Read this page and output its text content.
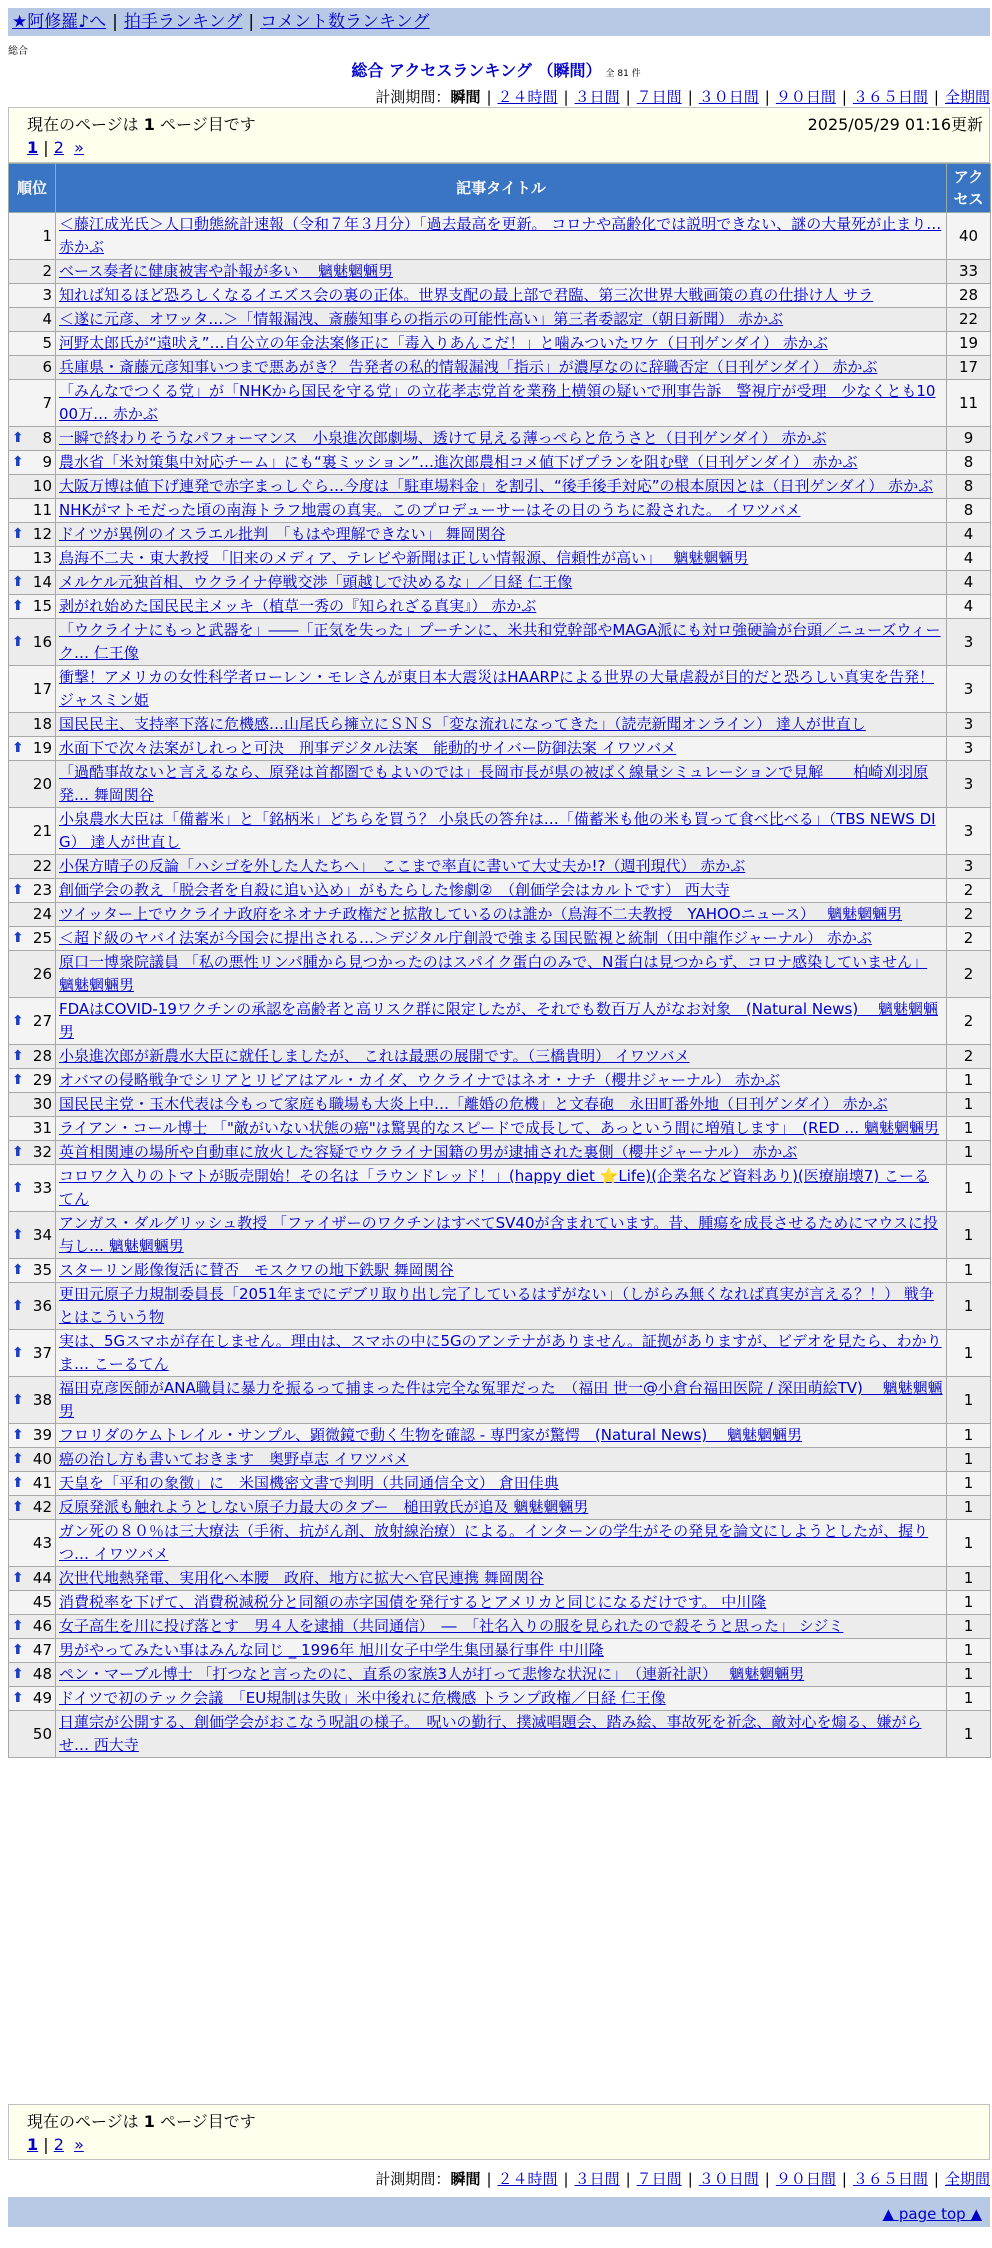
★阿修羅♪へ | 拍手ランキング | コメント数ランキング
総合
総合 アクセスランキング （瞬間） 全 81 件
計測期間：瞬間 | ２４時間 | ３日間 | ７日間 | ３０日間 | ９０日間 | ３６５日間 | 全期間
現在のページは 1 ページ目です	2025/05/29 01:16更新
1 | 2 »
順位	記事タイトル	アクセス
1	＜藤江成光氏＞人口動態統計速報（令和７年３月分）「過去最高を更新。 コロナや高齢化では説明できない、謎の大量死が止まり… 赤かぶ	40
2	ベース奏者に健康被害や訃報が多い　 魑魅魍魎男	33
3	知れば知るほど恐ろしくなるイエズス会の裏の正体。世界支配の最上部で君臨、第三次世界大戦画策の真の仕掛け人 サラ	28
4	＜遂に元彦、オワッタ…＞「情報漏洩、斎藤知事らの指示の可能性高い」第三者委認定（朝日新聞） 赤かぶ	22
5	河野太郎氏が“遠吠え”…自公立の年金法案修正に「毒入りあんこだ！」と噛みついたワケ（日刊ゲンダイ） 赤かぶ	19
6	兵庫県・斎藤元彦知事いつまで悪あがき？ 告発者の私的情報漏洩「指示」が濃厚なのに辞職否定（日刊ゲンダイ） 赤かぶ	17
7	「みんなでつくる党」が「NHKから国民を守る党」の立花孝志党首を業務上横領の疑いで刑事告訴　警視庁が受理　少なくとも1000万… 赤かぶ	11

⬆ 8	一瞬で終わりそうなパフォーマンス　小泉進次郎劇場、透けて見える薄っぺらと危うさと（日刊ゲンダイ） 赤かぶ	9

⬆ 9	農水省「米対策集中対応チーム」にも“裏ミッション”…進次郎農相コメ値下げプランを阻む壁（日刊ゲンダイ） 赤かぶ	8
10	大阪万博は値下げ連発で赤字まっしぐら…今度は「駐車場料金」を割引、“後手後手対応”の根本原因とは（日刊ゲンダイ） 赤かぶ	8
11	NHKがマトモだった頃の南海トラフ地震の真実。このプロデューサーはその日のうちに殺された。 イワツバメ	8

⬆ 12	ドイツが異例のイスラエル批判　「もはや理解できない」 舞岡関谷	4
13	鳥海不二夫・東大教授 「旧来のメディア、テレビや新聞は正しい情報源、信頼性が高い」　 魑魅魍魎男	4

⬆ 14	メルケル元独首相、ウクライナ停戦交渉「頭越しで決めるな」／日経 仁王像	4

⬆ 15	剥がれ始めた国民民主メッキ（植草一秀の『知られざる真実』） 赤かぶ	4

⬆ 16	「ウクライナにもっと武器を」――「正気を失った」プーチンに、米共和党幹部やMAGA派にも対ロ強硬論が台頭／ニューズウィーク… 仁王像	3
17	衝撃！アメリカの女性科学者ローレン・モレさんが東日本大震災はHAARPによる世界の大量虐殺が目的だと恐ろしい真実を告発！ ジャスミン姫	3
18	国民民主、支持率下落に危機感…山尾氏ら擁立にＳＮＳ「変な流れになってきた」（読売新聞オンライン） 達人が世直し	3

⬆ 19	水面下で次々法案がしれっと可決　刑事デジタル法案　能動的サイバー防御法案 イワツバメ	3
20	「過酷事故ないと言えるなら、原発は首都圏でもよいのでは」長岡市長が県の被ばく線量シミュレーションで見解　　柏崎刈羽原発… 舞岡関谷	3
21	小泉農水大臣は「備蓄米」と「銘柄米」どちらを買う？ 小泉氏の答弁は…「備蓄米も他の米も買って食べ比べる」（TBS NEWS DIG） 達人が世直し	3
22	小保方晴子の反論「ハシゴを外した人たちへ」　ここまで率直に書いて大丈夫か!?（週刊現代） 赤かぶ	3

⬆ 23	創価学会の教え「脱会者を自殺に追い込め」がもたらした惨劇②　（創価学会はカルトです） 西大寺	2
24	ツイッター上でウクライナ政府をネオナチ政権だと拡散しているのは誰か（鳥海不二夫教授　YAHOOニュース）　 魑魅魍魎男	2

⬆ 25	＜超ド級のヤバイ法案が今国会に提出される…＞デジタル庁創設で強まる国民監視と統制（田中龍作ジャーナル） 赤かぶ	2
26	原口一博衆院議員 「私の悪性リンパ腫から見つかったのはスパイク蛋白のみで、N蛋白は見つからず、コロナ感染していません」 魑魅魍魎男	2

⬆ 27	FDAはCOVID-19ワクチンの承認を高齢者と高リスク群に限定したが、それでも数百万人がなお対象　(Natural News)　 魑魅魍魎男	2

⬆ 28	小泉進次郎が新農水大臣に就任しましたが、 これは最悪の展開です。（三橋貴明） イワツバメ	2

⬆ 29	オバマの侵略戦争でシリアとリビアはアル・カイダ、ウクライナではネオ・ナチ（櫻井ジャーナル） 赤かぶ	1
30	国民民主党・玉木代表は今もって家庭も職場も大炎上中…「離婚の危機」と文春砲　永田町番外地（日刊ゲンダイ） 赤かぶ	1
31	ライアン・コール博士 「"敵がいない状態の癌"は驚異的なスピードで成長して、あっという間に増殖します」　(RED … 魑魅魍魎男	1

⬆ 32	英首相関連の場所や自動車に放火した容疑でウクライナ国籍の男が逮捕された裏側（櫻井ジャーナル） 赤かぶ	1

⬆ 33	コロワク入りのトマトが販売開始！その名は「ラウンドレッド！」(happy diet ⭐Life)(企業名など資料あり)(医療崩壊7) こーるてん	1

⬆ 34	アンガス・ダルグリッシュ教授 「ファイザーのワクチンはすべてSV40が含まれています。昔、腫瘍を成長させるためにマウスに投与し… 魑魅魍魎男	1

⬆ 35	スターリン彫像復活に賛否　モスクワの地下鉄駅 舞岡関谷	1

⬆ 36	更田元原子力規制委員長「2051年までにデブリ取り出し完了しているはずがない」（しがらみ無くなれば真実が言える？！） 戦争とはこういう物	1

⬆ 37	実は、5Gスマホが存在しません。理由は、スマホの中に5Gのアンテナがありません。証拠がありますが、ビデオを見たら、わかりま… こーるてん	1

⬆ 38	福田克彦医師がANA職員に暴力を振るって捕まった件は完全な冤罪だった　（福田 世一@小倉台福田医院 / 深田萌絵TV)　 魑魅魍魎男	1

⬆ 39	フロリダのケムトレイル・サンプル、顕微鏡で動く生物を確認 - 専門家が驚愕　(Natural News)　 魑魅魍魎男	1

⬆ 40	癌の治し方も書いておきます　奥野卓志 イワツバメ	1

⬆ 41	天皇を「平和の象徴」に　米国機密文書で判明（共同通信全文） 倉田佳典	1

⬆ 42	反原発派も触れようとしない原子力最大のタブー　槌田敦氏が追及 魑魅魍魎男	1
43	ガン死の８０％は三大療法（手術、抗がん剤、放射線治療）による。インターンの学生がその発見を論文にしようとしたが、握りつ… イワツバメ	1

⬆ 44	次世代地熱発電、実用化へ本腰　政府、地方に拡大へ官民連携 舞岡関谷	1
45	消費税率を下げて、消費税減税分と同額の赤字国債を発行するとアメリカと同じになるだけです。 中川隆	1

⬆ 46	女子高生を川に投げ落とす　男４人を逮捕（共同通信）　―　「社名入りの服を見られたので殺そうと思った」 シジミ	1

⬆ 47	男がやってみたい事はみんな同じ _ 1996年 旭川女子中学生集団暴行事件 中川隆	1

⬆ 48	ペン・マーブル博士 「打つなと言ったのに、直系の家族3人が打って悲惨な状況に」　（連新社訳）　 魑魅魍魎男	1

⬆ 49	ドイツで初のテック会議　「EU規制は失敗」米中後れに危機感 トランプ政権／日経 仁王像	1
50	日蓮宗が公開する、創価学会がおこなう呪詛の様子。　呪いの勤行、撲滅唱題会、踏み絵、事故死を祈念、敵対心を煽る、嫌がらせ… 西大寺	1
計測期間：瞬間 | ２４時間 | ３日間 | ７日間 | ３０日間 | ９０日間 | ３６５日間 | 全期間
現在のページは 1 ページ目です
1 | 2 »
▲ page top ▲
